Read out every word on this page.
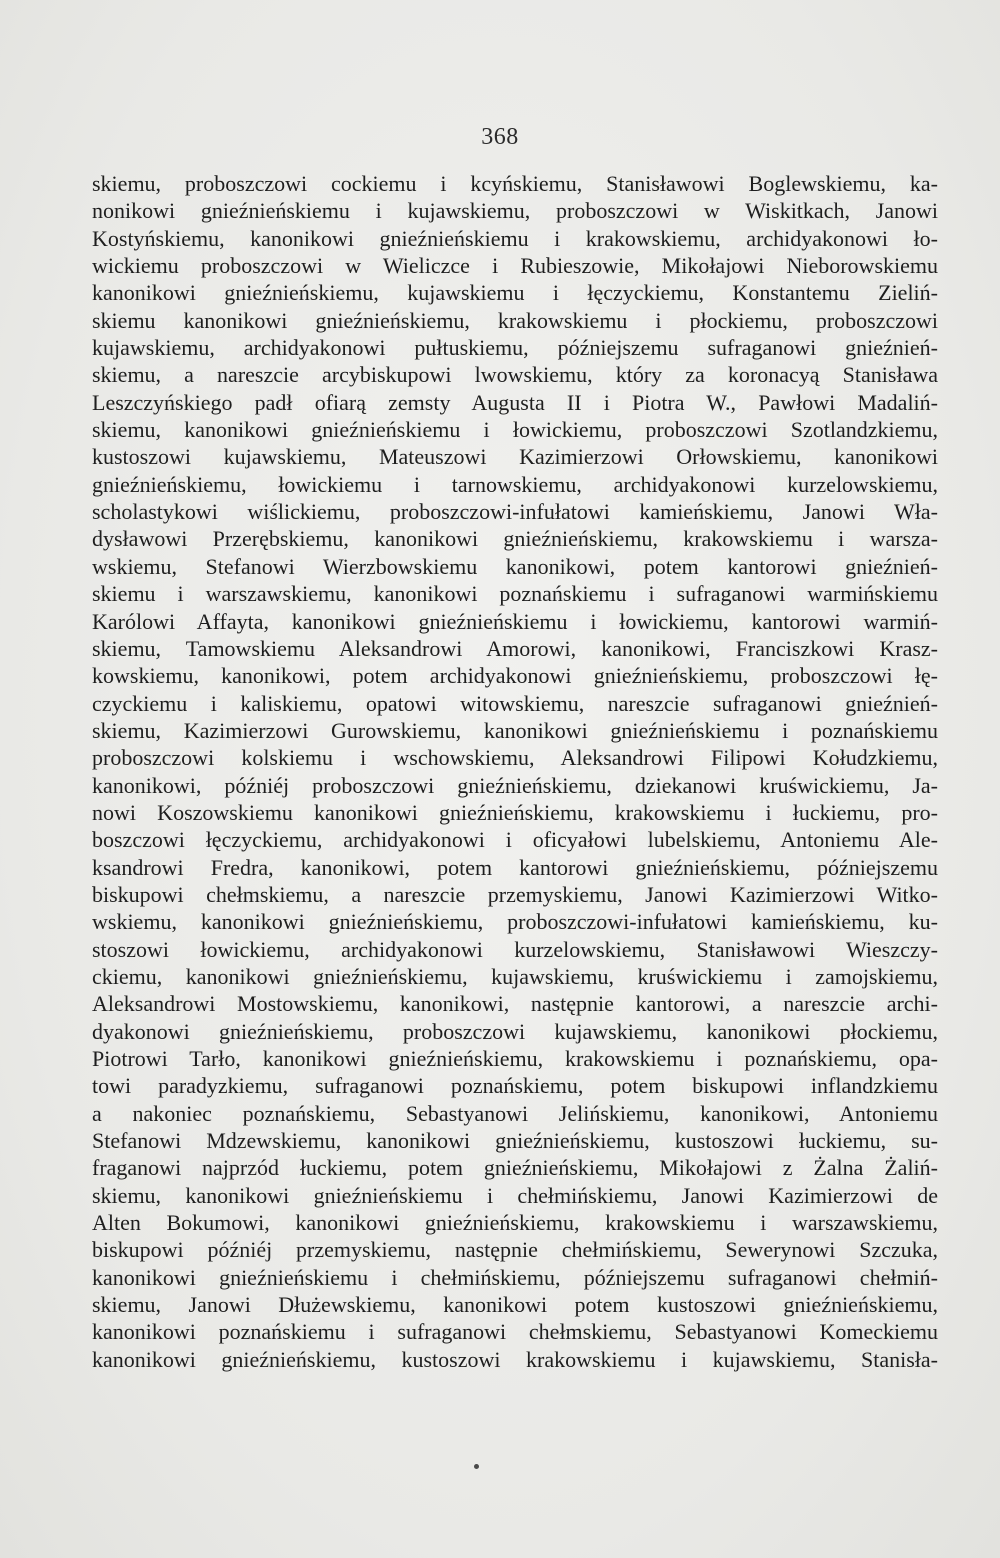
368
skiemu, proboszczowi cockiemu i kcyńskiemu, Stanisławowi Boglewskiemu, ka-
nonikowi gnieźnieńskiemu i kujawskiemu, proboszczowi w Wiskitkach, Janowi
Kostyńskiemu, kanonikowi gnieźnieńskiemu i krakowskiemu, archidyakonowi ło-
wickiemu proboszczowi w Wieliczce i Rubieszowie, Mikołajowi Nieborowskiemu
kanonikowi gnieźnieńskiemu, kujawskiemu i łęczyckiemu, Konstantemu Zieliń-
skiemu kanonikowi gnieźnieńskiemu, krakowskiemu i płockiemu, proboszczowi
kujawskiemu, archidyakonowi pułtuskiemu, późniejszemu sufraganowi gnieźnień-
skiemu, a nareszcie arcybiskupowi lwowskiemu, który za koronacyą Stanisława
Leszczyńskiego padł ofiarą zemsty Augusta II i Piotra W., Pawłowi Madaliń-
skiemu, kanonikowi gnieźnieńskiemu i łowickiemu, proboszczowi Szotlandzkiemu,
kustoszowi kujawskiemu, Mateuszowi Kazimierzowi Orłowskiemu, kanonikowi
gnieźnieńskiemu, łowickiemu i tarnowskiemu, archidyakonowi kurzelowskiemu,
scholastykowi wiślickiemu, proboszczowi-infułatowi kamieńskiemu, Janowi Wła-
dysławowi Przerębskiemu, kanonikowi gnieźnieńskiemu, krakowskiemu i warsza-
wskiemu, Stefanowi Wierzbowskiemu kanonikowi, potem kantorowi gnieźnień-
skiemu i warszawskiemu, kanonikowi poznańskiemu i sufraganowi warmińskiemu
Karólowi Affayta, kanonikowi gnieźnieńskiemu i łowickiemu, kantorowi warmiń-
skiemu, Tamowskiemu Aleksandrowi Amorowi, kanonikowi, Franciszkowi Krasz-
kowskiemu, kanonikowi, potem archidyakonowi gnieźnieńskiemu, proboszczowi łę-
czyckiemu i kaliskiemu, opatowi witowskiemu, nareszcie sufraganowi gnieźnień-
skiemu, Kazimierzowi Gurowskiemu, kanonikowi gnieźnieńskiemu i poznańskiemu
proboszczowi kolskiemu i wschowskiemu, Aleksandrowi Filipowi Kołudzkiemu,
kanonikowi, późniéj proboszczowi gnieźnieńskiemu, dziekanowi kruświckiemu, Ja-
nowi Koszowskiemu kanonikowi gnieźnieńskiemu, krakowskiemu i łuckiemu, pro-
boszczowi łęczyckiemu, archidyakonowi i oficyałowi lubelskiemu, Antoniemu Ale-
ksandrowi Fredra, kanonikowi, potem kantorowi gnieźnieńskiemu, późniejszemu
biskupowi chełmskiemu, a nareszcie przemyskiemu, Janowi Kazimierzowi Witko-
wskiemu, kanonikowi gnieźnieńskiemu, proboszczowi-infułatowi kamieńskiemu, ku-
stoszowi łowickiemu, archidyakonowi kurzelowskiemu, Stanisławowi Wieszczy-
ckiemu, kanonikowi gnieźnieńskiemu, kujawskiemu, kruświckiemu i zamojskiemu,
Aleksandrowi Mostowskiemu, kanonikowi, następnie kantorowi, a nareszcie archi-
dyakonowi gnieźnieńskiemu, proboszczowi kujawskiemu, kanonikowi płockiemu,
Piotrowi Tarło, kanonikowi gnieźnieńskiemu, krakowskiemu i poznańskiemu, opa-
towi paradyzkiemu, sufraganowi poznańskiemu, potem biskupowi inflandzkiemu
a nakoniec poznańskiemu, Sebastyanowi Jelińskiemu, kanonikowi, Antoniemu
Stefanowi Mdzewskiemu, kanonikowi gnieźnieńskiemu, kustoszowi łuckiemu, su-
fraganowi najprzód łuckiemu, potem gnieźnieńskiemu, Mikołajowi z Żalna Żaliń-
skiemu, kanonikowi gnieźnieńskiemu i chełmińskiemu, Janowi Kazimierzowi de
Alten Bokumowi, kanonikowi gnieźnieńskiemu, krakowskiemu i warszawskiemu,
biskupowi późniéj przemyskiemu, następnie chełmińskiemu, Sewerynowi Szczuka,
kanonikowi gnieźnieńskiemu i chełmińskiemu, późniejszemu sufraganowi chełmiń-
skiemu, Janowi Dłużewskiemu, kanonikowi potem kustoszowi gnieźnieńskiemu,
kanonikowi poznańskiemu i sufraganowi chełmskiemu, Sebastyanowi Komeckiemu
kanonikowi gnieźnieńskiemu, kustoszowi krakowskiemu i kujawskiemu, Stanisła-
